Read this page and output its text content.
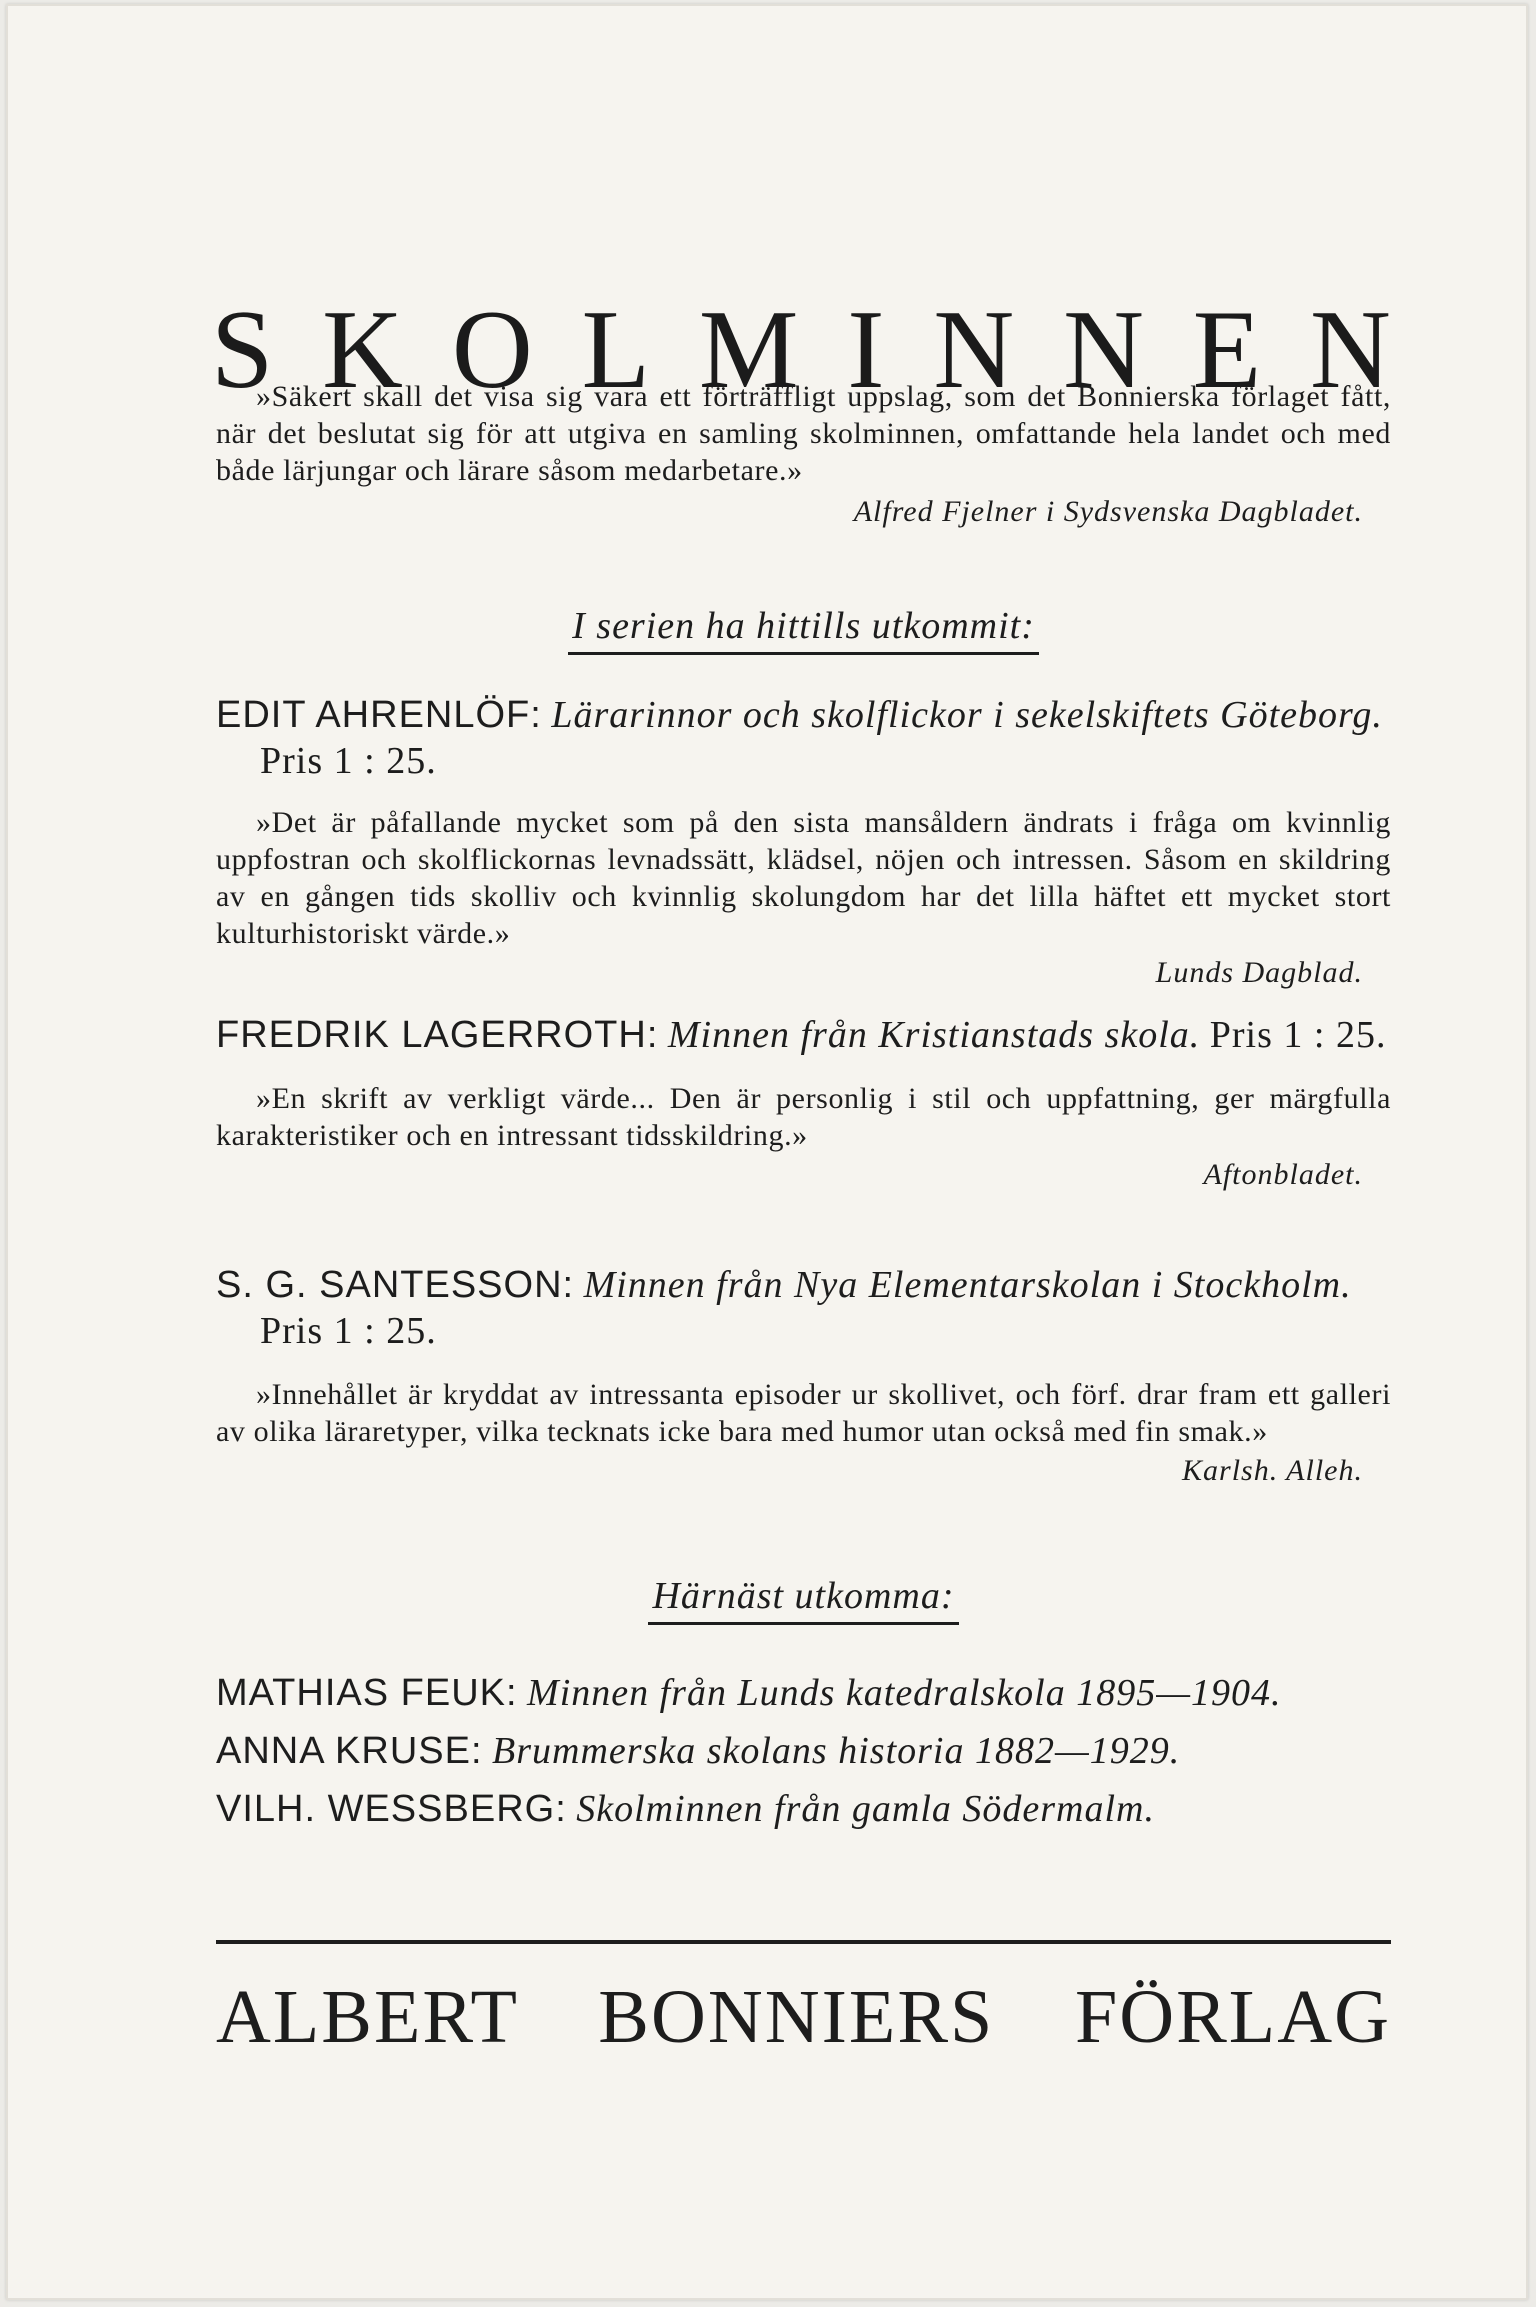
S K O L M I N N E N

»Säkert skall det visa sig vara ett förträffligt uppslag, som det Bonnierska förlaget fått, när det beslutat sig för att utgiva en samling skolminnen, omfattande hela landet och med både lärjungar och lärare såsom medarbetare.»

Alfred Fjelner i Sydsvenska Dagbladet.

I serien ha hittills utkommit:

EDIT AHRENLÖF: Lärarinnor och skolflickor i sekelskiftets Göteborg. Pris 1 : 25.

»Det är påfallande mycket som på den sista mansåldern ändrats i fråga om kvinnlig uppfostran och skolflickornas levnadssätt, klädsel, nöjen och intressen. Såsom en skildring av en gången tids skolliv och kvinnlig skolungdom har det lilla häftet ett mycket stort kulturhistoriskt värde.»

Lunds Dagblad.

FREDRIK LAGERROTH: Minnen från Kristianstads skola. Pris 1 : 25.

»En skrift av verkligt värde... Den är personlig i stil och uppfattning, ger märgfulla karakteristiker och en intressant tidsskildring.»

Aftonbladet.

S. G. SANTESSON: Minnen från Nya Elementarskolan i Stockholm. Pris 1 : 25.

»Innehållet är kryddat av intressanta episoder ur skollivet, och förf. drar fram ett galleri av olika läraretyper, vilka tecknats icke bara med humor utan också med fin smak.»

Karlsh. Alleh.

Härnäst utkomma:

MATHIAS FEUK: Minnen från Lunds katedralskola 1895—1904.

ANNA KRUSE: Brummerska skolans historia 1882—1929.

VILH. WESSBERG: Skolminnen från gamla Södermalm.

ALBERT BONNIERS FÖRLAG
